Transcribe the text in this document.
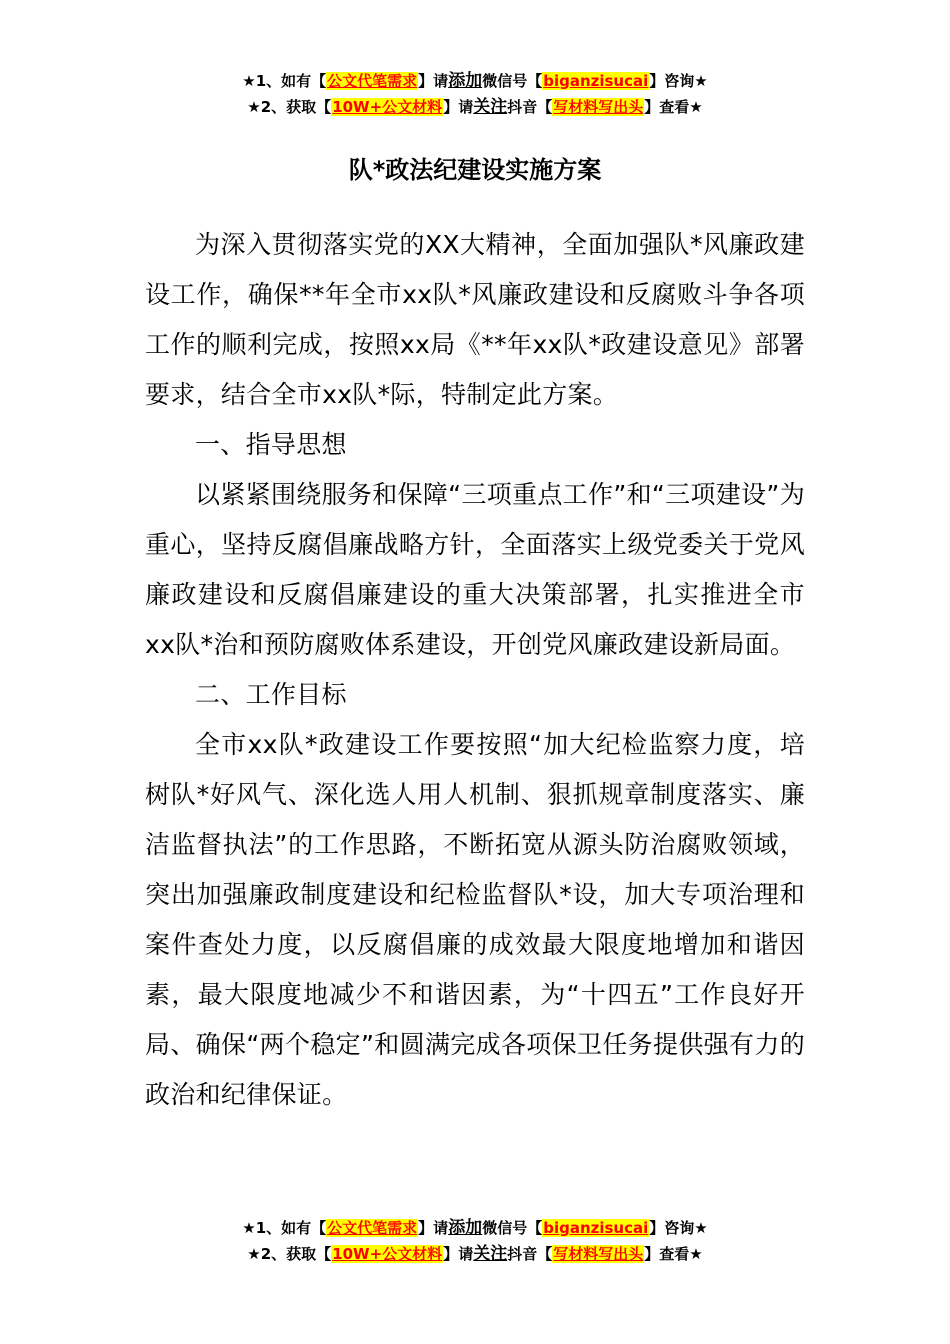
★1、如有【公文代笔需求】请添加微信号【biganzisucai】咨询★
★2、获取【10W+公文材料】请关注抖音【写材料写出头】查看★
队*政法纪建设实施方案

为深入贯彻落实党的XX大精神，全面加强队*风廉政建设工作，确保**年全市xx队*风廉政建设和反腐败斗争各项工作的顺利完成，按照xx局《**年xx队*政建设意见》部署要求，结合全市xx队*际，特制定此方案。

一、指导思想

以紧紧围绕服务和保障“三项重点工作”和“三项建设”为重心，坚持反腐倡廉战略方针，全面落实上级党委关于党风廉政建设和反腐倡廉建设的重大决策部署，扎实推进全市xx队*治和预防腐败体系建设，开创党风廉政建设新局面。

二、工作目标

全市xx队*政建设工作要按照“加大纪检监察力度，培树队*好风气、深化选人用人机制、狠抓规章制度落实、廉洁监督执法”的工作思路，不断拓宽从源头防治腐败领域，突出加强廉政制度建设和纪检监督队*设，加大专项治理和案件查处力度，以反腐倡廉的成效最大限度地增加和谐因素，最大限度地减少不和谐因素，为“十四五”工作良好开局、确保“两个稳定”和圆满完成各项保卫任务提供强有力的政治和纪律保证。

★1、如有【公文代笔需求】请添加微信号【biganzisucai】咨询★
★2、获取【10W+公文材料】请关注抖音【写材料写出头】查看★
